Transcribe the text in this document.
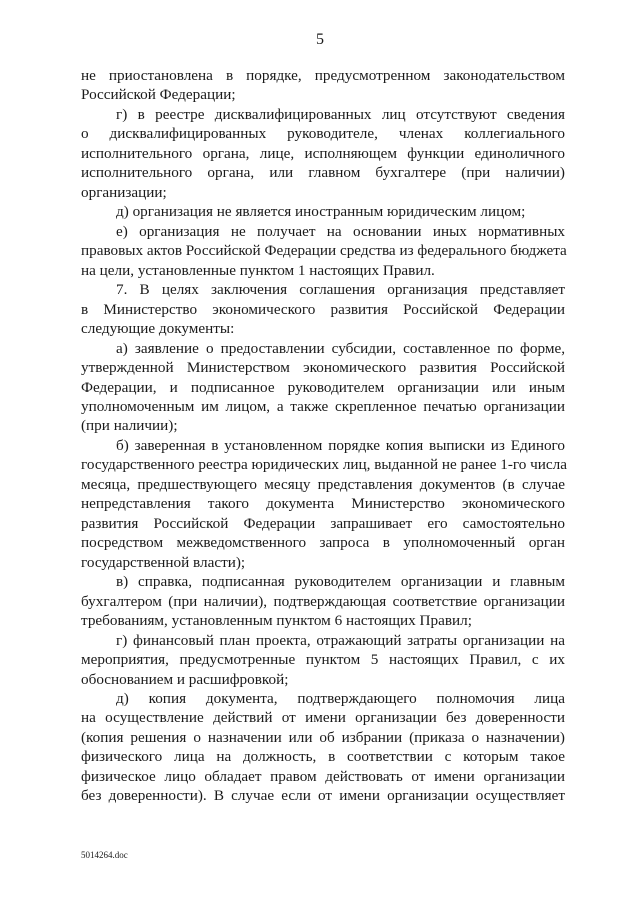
5
не приостановлена в порядке, предусмотренном законодательством
Российской Федерации;
г) в реестре дисквалифицированных лиц отсутствуют сведения
о дисквалифицированных руководителе, членах коллегиального
исполнительного органа, лице, исполняющем функции единоличного
исполнительного органа, или главном бухгалтере (при наличии)
организации;
д) организация не является иностранным юридическим лицом;
е) организация не получает на основании иных нормативных
правовых актов Российской Федерации средства из федерального бюджета
на цели, установленные пунктом 1 настоящих Правил.
7. В целях заключения соглашения организация представляет
в Министерство экономического развития Российской Федерации
следующие документы:
а) заявление о предоставлении субсидии, составленное по форме,
утвержденной Министерством экономического развития Российской
Федерации, и подписанное руководителем организации или иным
уполномоченным им лицом, а также скрепленное печатью организации
(при наличии);
б) заверенная в установленном порядке копия выписки из Единого
государственного реестра юридических лиц, выданной не ранее 1-го числа
месяца, предшествующего месяцу представления документов (в случае
непредставления такого документа Министерство экономического
развития Российской Федерации запрашивает его самостоятельно
посредством межведомственного запроса в уполномоченный орган
государственной власти);
в) справка, подписанная руководителем организации и главным
бухгалтером (при наличии), подтверждающая соответствие организации
требованиям, установленным пунктом 6 настоящих Правил;
г) финансовый план проекта, отражающий затраты организации на
мероприятия, предусмотренные пунктом 5 настоящих Правил, с их
обоснованием и расшифровкой;
д) копия документа, подтверждающего полномочия лица
на осуществление действий от имени организации без доверенности
(копия решения о назначении или об избрании (приказа о назначении)
физического лица на должность, в соответствии с которым такое
физическое лицо обладает правом действовать от имени организации
без доверенности). В случае если от имени организации осуществляет
5014264.doc
